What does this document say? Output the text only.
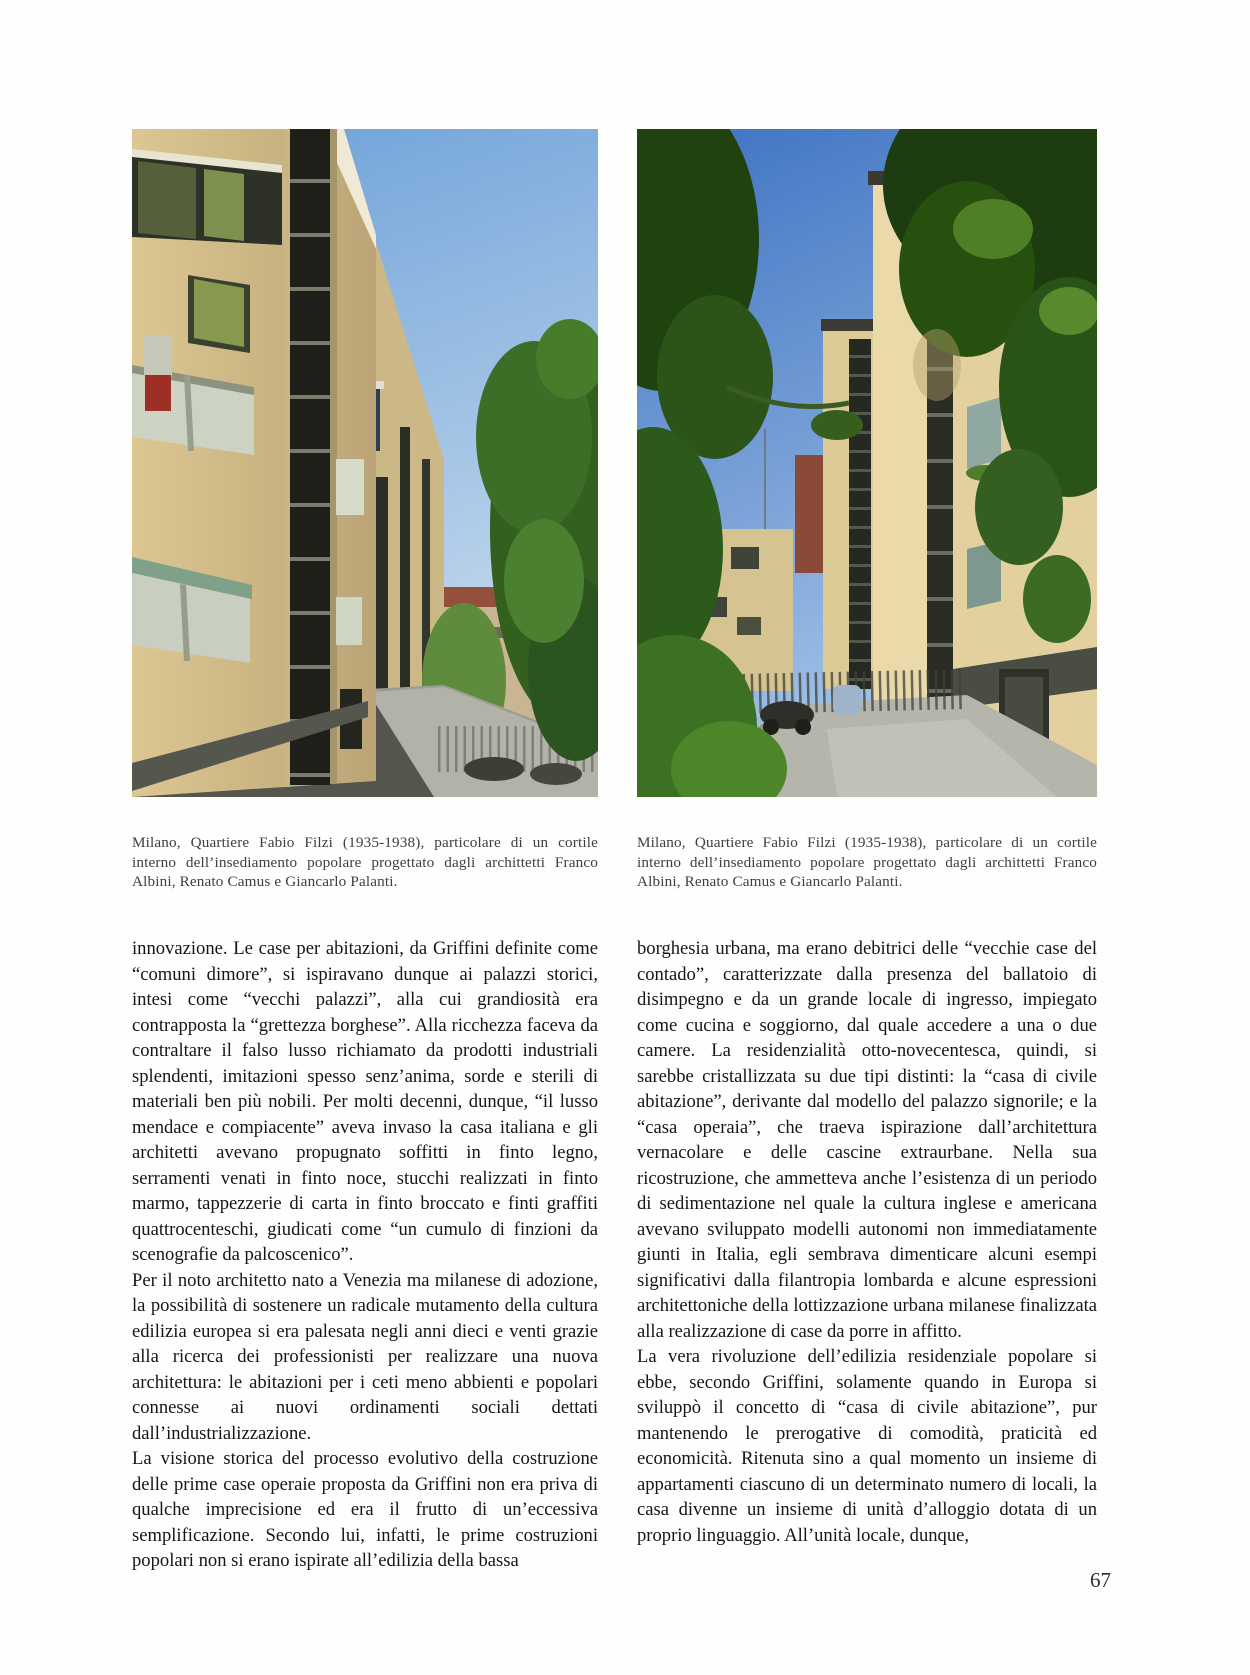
Milano, Quartiere Fabio Filzi (1935-1938), particolare di un cortile interno dell’insediamento popolare progettato dagli archittetti Franco Albini, Renato Camus e Giancarlo Palanti.
Milano, Quartiere Fabio Filzi (1935-1938), particolare di un cortile interno dell’insediamento popolare progettato dagli archittetti Franco Albini, Renato Camus e Giancarlo Palanti.

innovazione. Le case per abitazioni, da Griffini definite come “comuni dimore”, si ispiravano dunque ai palazzi storici, intesi come “vecchi palazzi”, alla cui grandiosità era contrapposta la “grettezza borghese”. Alla ricchezza faceva da contraltare il falso lusso richiamato da prodotti industriali splendenti, imitazioni spesso senz’anima, sorde e sterili di materiali ben più nobili. Per molti decenni, dunque, “il lusso mendace e compiacente” aveva invaso la casa italiana e gli architetti avevano propugnato soffitti in finto legno, serramenti venati in finto noce, stucchi realizzati in finto marmo, tappezzerie di carta in finto broccato e finti graffiti quattrocenteschi, giudicati come “un cumulo di finzioni da scenografie da palcoscenico”.

Per il noto architetto nato a Venezia ma milanese di adozione, la possibilità di sostenere un radicale mutamento della cultura edilizia europea si era palesata negli anni dieci e venti grazie alla ricerca dei professionisti per realizzare una nuova architettura: le abitazioni per i ceti meno abbienti e popolari connesse ai nuovi ordinamenti sociali dettati dall’industrializzazione.

La visione storica del processo evolutivo della costruzione delle prime case operaie proposta da Griffini non era priva di qualche imprecisione ed era il frutto di un’eccessiva semplificazione. Secondo lui, infatti, le prime costruzioni popolari non si erano ispirate all’edilizia della bassa

borghesia urbana, ma erano debitrici delle “vecchie case del contado”, caratterizzate dalla presenza del ballatoio di disimpegno e da un grande locale di ingresso, impiegato come cucina e soggiorno, dal quale accedere a una o due camere. La residenzialità otto-novecentesca, quindi, si sarebbe cristallizzata su due tipi distinti: la “casa di civile abitazione”, derivante dal modello del palazzo signorile; e la “casa operaia”, che traeva ispirazione dall’architettura vernacolare e delle cascine extraurbane. Nella sua ricostruzione, che ammetteva anche l’esistenza di un periodo di sedimentazione nel quale la cultura inglese e americana avevano sviluppato modelli autonomi non immediatamente giunti in Italia, egli sembrava dimenticare alcuni esempi significativi dalla filantropia lombarda e alcune espressioni architettoniche della lottizzazione urbana milanese finalizzata alla realizzazione di case da porre in affitto.

La vera rivoluzione dell’edilizia residenziale popolare si ebbe, secondo Griffini, solamente quando in Europa si sviluppò il concetto di “casa di civile abitazione”, pur mantenendo le prerogative di comodità, praticità ed economicità. Ritenuta sino a qual momento un insieme di appartamenti ciascuno di un determinato numero di locali, la casa divenne un insieme di unità d’alloggio dotata di un proprio linguaggio. All’unità locale, dunque,

67
